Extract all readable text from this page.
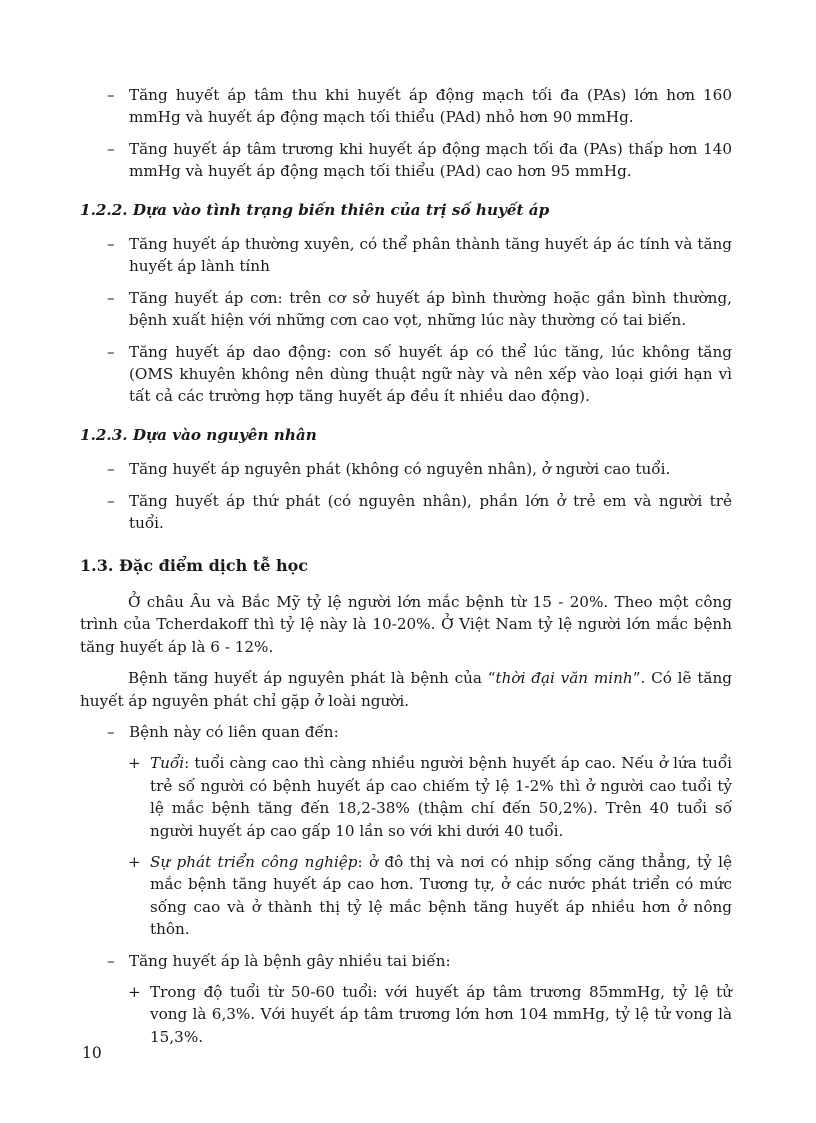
– Tăng huyết áp tâm thu khi huyết áp động mạch tối đa (PAs) lớn hơn 160 mmHg và huyết áp động mạch tối thiểu (PAd) nhỏ hơn 90 mmHg.

– Tăng huyết áp tâm trương khi huyết áp động mạch tối đa (PAs) thấp hơn 140 mmHg và huyết áp động mạch tối thiểu (PAd) cao hơn 95 mmHg.

1.2.2. Dựa vào tình trạng biến thiên của trị số huyết áp

– Tăng huyết áp thường xuyên, có thể phân thành tăng huyết áp ác tính và tăng huyết áp lành tính

– Tăng huyết áp cơn: trên cơ sở huyết áp bình thường hoặc gần bình thường, bệnh xuất hiện với những cơn cao vọt, những lúc này thường có tai biến.

– Tăng huyết áp dao động: con số huyết áp có thể lúc tăng, lúc không tăng (OMS khuyên không nên dùng thuật ngữ này và nên xếp vào loại giới hạn vì tất cả các trường hợp tăng huyết áp đều ít nhiều dao động).

1.2.3. Dựa vào nguyên nhân

– Tăng huyết áp nguyên phát (không có nguyên nhân), ở người cao tuổi.

– Tăng huyết áp thứ phát (có nguyên nhân), phần lớn ở trẻ em và người trẻ tuổi.

1.3. Đặc điểm dịch tễ học

Ở châu Âu và Bắc Mỹ tỷ lệ người lớn mắc bệnh từ 15 - 20%. Theo một công trình của Tcherdakoff thì tỷ lệ này là 10-20%. Ở Việt Nam tỷ lệ người lớn mắc bệnh tăng huyết áp là 6 - 12%.

Bệnh tăng huyết áp nguyên phát là bệnh của “thời đại văn minh”. Có lẽ tăng huyết áp nguyên phát chỉ gặp ở loài người.

– Bệnh này có liên quan đến:

+ Tuổi: tuổi càng cao thì càng nhiều người bệnh huyết áp cao. Nếu ở lứa tuổi trẻ số người có bệnh huyết áp cao chiếm tỷ lệ 1-2% thì ở người cao tuổi tỷ lệ mắc bệnh tăng đến 18,2-38% (thậm chí đến 50,2%). Trên 40 tuổi số người huyết áp cao gấp 10 lần so với khi dưới 40 tuổi.

+ Sự phát triển công nghiệp: ở đô thị và nơi có nhịp sống căng thẳng, tỷ lệ mắc bệnh tăng huyết áp cao hơn. Tương tự, ở các nước phát triển có mức sống cao và ở thành thị tỷ lệ mắc bệnh tăng huyết áp nhiều hơn ở nông thôn.

– Tăng huyết áp là bệnh gây nhiều tai biến:

+ Trong độ tuổi từ 50-60 tuổi: với huyết áp tâm trương 85mmHg, tỷ lệ tử vong là 6,3%. Với huyết áp tâm trương lớn hơn 104 mmHg, tỷ lệ tử vong là 15,3%.

10
